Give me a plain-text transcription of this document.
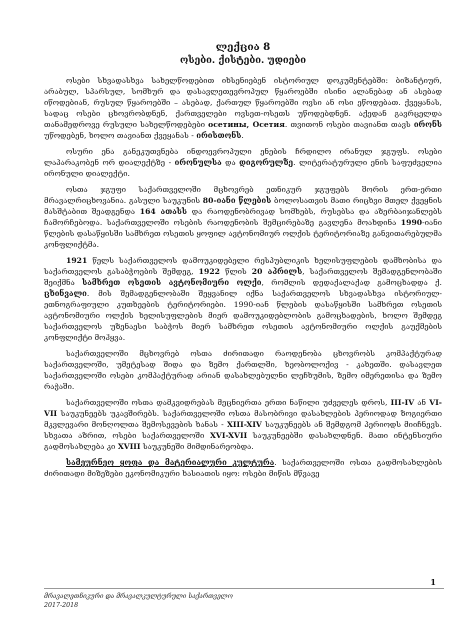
ლექცია 8
ოსები. ქისტები. უდიები

ოსები სხვადასხვა სახელწოდებით იხსენიებენ ისტორიულ დოკუმენტებში: ბიზანტიურ, არაბულ, სპარსულ, სომხურ და დასავლეთევროპულ წყაროებში ისინი ალანებად ან ასებად იწოდებიან, რუსულ წყაროებში – ასებად, ქართულ წყაროებში ოვსი ან ოსი ეწოდებათ. ქვეყანას, სადაც ოსები ცხოვრობდნენ, ქართველები ოვსეთ-ოსეთს უწოდებდნენ. აქედან გავრცელდა თანამედროვე რუსული სახელწოდებები осетины, Осетия. თვითონ ოსები თავიანთ თავს ირონს უწოდებენ, ხოლო თავიანთ ქვეყანას - ირისთონს.

ოსური ენა განეკუთვნება ინდოევროპული ენების ჩრდილო ირანულ ჯგუფს. ოსები ლაპარაკობენ ორ დიალექტზე - ირონულსა და დიგორულზე. ლიტერატურული ენის საფუძველია ირონული დიალექტი.

ოსთა ჯგუფი საქართველოში მცხოვრებ ეთნიკურ ჯგუფებს შორის ერთ-ერთი მრავალრიცხოვანია. გასული საუკუნის 80-იანი წლების ბოლოსათვის მათი რიცხვი მთელ ქვეყნის მასშტაბით შეადგენდა 164 ათასს და რაოდენობრივად სომხებს, რუსებსა და აზერბაიჯანლებს ჩამორჩებოდა. საქართველოში ოსების რაოდენობის შემცირებაზე გავლენა მოახდინა 1990-იანი წლების დასაწყისში სამხრეთ ოსეთის ყოფილ ავტონომიურ ოლქის ტერიტორიაზე განვითარებულმა კონფლიქტმა.

1921 წელს საქართველოს დამოუკიდებელი რესპუბლიკის ხელისუფლების დამხობისა და საქართველოს გასაბჭოების შემდეგ, 1922 წლის 20 აპრილს, საქართველოს შემადგენლობაში შეიქმნა სამხრეთ ოსეთის ავტონომიური ოლქი, რომლის დედაქალაქად გამოცხადდა ქ. ცხინვალი. მის შემადგენლობაში შეყვანილ იქნა საქართველოს სხვადასხვა ისტორიულ-ეთნოგრაფიული კუთხეების ტერიტორიები. 1990-იან წლების დასაწყისში სამხრეთ ოსეთის ავტონომიური ოლქის ხელისუფლების მიერ დამოუკიდებლობის გამოცხადების, ხოლო შემდეგ საქართველოს უზენაესი საბჭოს მიერ სამხრეთ ოსეთის ავტონომიური ოლქის გაუქმების კონფლიქტი მოჰყვა.

საქართველოში მცხოვრებ ოსთა ძირითადი რაოდენობა ცხოვრობს კომპაქტურად საქართველოში, უმეტესად შიდა და ზემო ქართლში, ხეობოლოქივ - კახეთში. დასავლეთ საქართველოში ოსები კომპაქტურად არიან დასახლებულნი ლეჩხუმის, ზემო იმერეთისა და ზემო რაჭაში.

საქართველოში ოსთა დამკვიდრებას მეცნიერთა ერთი ნაწილი უძველეს დროს, III-IV ან VI-VII საუკუნეებს უკავშირებს. საქართველოში ოსთა მასობრივი დასახლების პერიოდად ზოგიერთი მკვლევარი მონღოლთა შემოსევების ხანას - XIII-XIV საუკუნეებს ან შემდგომ პერიოდს მიიჩნევს. სხვათა აზრით, ოსები საქართველოში XVI-XVII საუკუნეებში დასახლდნენ. მათი ინტენსიური გადმოსახლება კი XVIII საუკუნეში მიმდინარეობდა.

სამეურნეო ყოფა და მატერიალური კულტურა. საქართველოში ოსთა გადმოსახლების ძირითადი მიზეზები ეკონომიკური ხასიათის იყო: ოსები მიწის მწვავე

1
მრავალეთნიკური და მრავალკულტურული საქართველო
2017-2018
